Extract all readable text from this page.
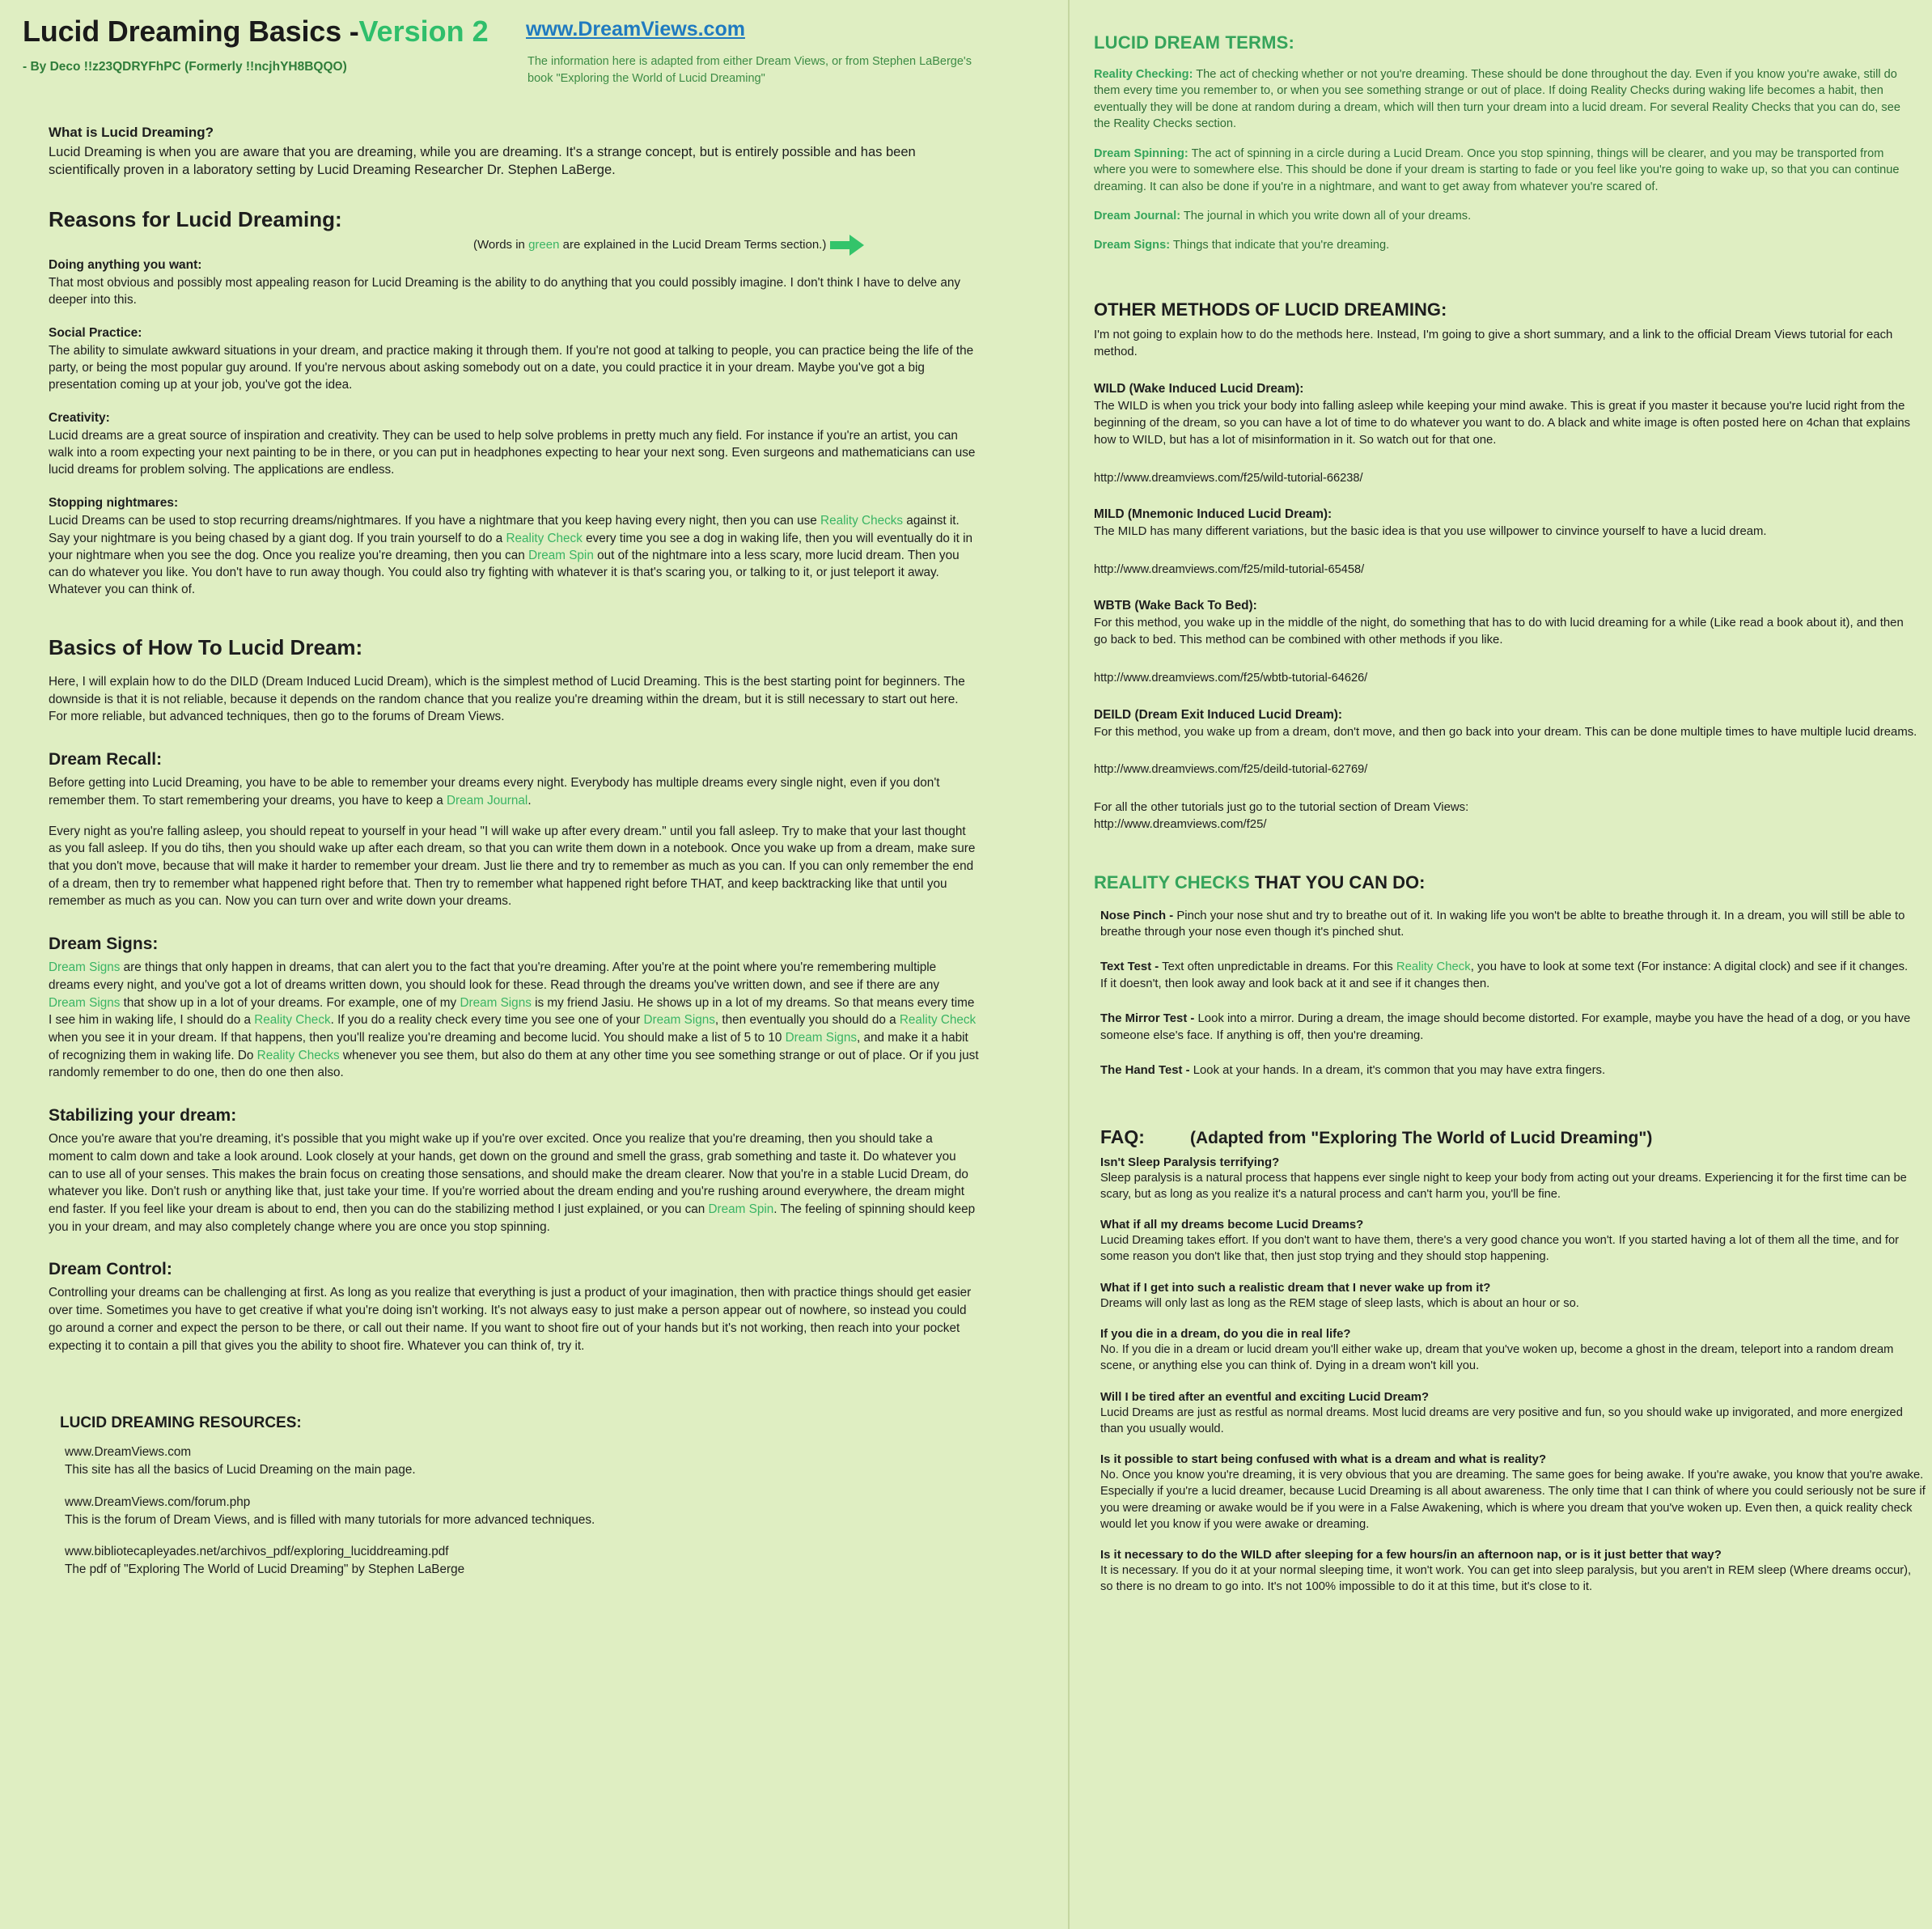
Lucid Dreaming Basics -Version 2
- By Deco !!z23QDRYFhPC (Formerly !!ncjhYH8BQQO)
What is Lucid Dreaming?

Lucid Dreaming is when you are aware that you are dreaming, while you are dreaming. It's a strange concept, but is entirely possible and has been scientifically proven in a laboratory setting by Lucid Dreaming Researcher Dr. Stephen LaBerge.

Reasons for Lucid Dreaming:
(Words in green are explained in the Lucid Dream Terms section.)
Doing anything you want:

That most obvious and possibly most appealing reason for Lucid Dreaming is the ability to do anything that you could possibly imagine. I don't think I have to delve any deeper into this.

Social Practice:

The ability to simulate awkward situations in your dream, and practice making it through them. If you're not good at talking to people, you can practice being the life of the party, or being the most popular guy around. If you're nervous about asking somebody out on a date, you could practice it in your dream. Maybe you've got a big presentation coming up at your job, you've got the idea.

Creativity:

Lucid dreams are a great source of inspiration and creativity. They can be used to help solve problems in pretty much any field. For instance if you're an artist, you can walk into a room expecting your next painting to be in there, or you can put in headphones expecting to hear your next song. Even surgeons and mathematicians can use lucid dreams for problem solving. The applications are endless.

Stopping nightmares:

Lucid Dreams can be used to stop recurring dreams/nightmares. If you have a nightmare that you keep having every night, then you can use Reality Checks against it. Say your nightmare is you being chased by a giant dog. If you train yourself to do a Reality Check every time you see a dog in waking life, then you will eventually do it in your nightmare when you see the dog. Once you realize you're dreaming, then you can Dream Spin out of the nightmare into a less scary, more lucid dream. Then you can do whatever you like. You don't have to run away though. You could also try fighting with whatever it is that's scaring you, or talking to it, or just teleport it away. Whatever you can think of.

Basics of How To Lucid Dream:

Here, I will explain how to do the DILD (Dream Induced Lucid Dream), which is the simplest method of Lucid Dreaming. This is the best starting point for beginners. The downside is that it is not reliable, because it depends on the random chance that you realize you're dreaming within the dream, but it is still necessary to start out here. For more reliable, but advanced techniques, then go to the forums of Dream Views.

Dream Recall:

Before getting into Lucid Dreaming, you have to be able to remember your dreams every night. Everybody has multiple dreams every single night, even if you don't remember them. To start remembering your dreams, you have to keep a Dream Journal.

Every night as you're falling asleep, you should repeat to yourself in your head "I will wake up after every dream." until you fall asleep. Try to make that your last thought as you fall asleep. If you do tihs, then you should wake up after each dream, so that you can write them down in a notebook. Once you wake up from a dream, make sure that you don't move, because that will make it harder to remember your dream. Just lie there and try to remember as much as you can. If you can only remember the end of a dream, then try to remember what happened right before that. Then try to remember what happened right before THAT, and keep backtracking like that until you remember as much as you can. Now you can turn over and write down your dreams.

Dream Signs:

Dream Signs are things that only happen in dreams, that can alert you to the fact that you're dreaming. After you're at the point where you're remembering multiple dreams every night, and you've got a lot of dreams written down, you should look for these. Read through the dreams you've written down, and see if there are any Dream Signs that show up in a lot of your dreams. For example, one of my Dream Signs is my friend Jasiu. He shows up in a lot of my dreams. So that means every time I see him in waking life, I should do a Reality Check. If you do a reality check every time you see one of your Dream Signs, then eventually you should do a Reality Check when you see it in your dream. If that happens, then you'll realize you're dreaming and become lucid. You should make a list of 5 to 10 Dream Signs, and make it a habit of recognizing them in waking life. Do Reality Checks whenever you see them, but also do them at any other time you see something strange or out of place. Or if you just randomly remember to do one, then do one then also.

Stabilizing your dream:

Once you're aware that you're dreaming, it's possible that you might wake up if you're over excited. Once you realize that you're dreaming, then you should take a moment to calm down and take a look around. Look closely at your hands, get down on the ground and smell the grass, grab something and taste it. Do whatever you can to use all of your senses. This makes the brain focus on creating those sensations, and should make the dream clearer. Now that you're in a stable Lucid Dream, do whatever you like. Don't rush or anything like that, just take your time. If you're worried about the dream ending and you're rushing around everywhere, the dream might end faster. If you feel like your dream is about to end, then you can do the stabilizing method I just explained, or you can Dream Spin. The feeling of spinning should keep you in your dream, and may also completely change where you are once you stop spinning.

Dream Control:

Controlling your dreams can be challenging at first. As long as you realize that everything is just a product of your imagination, then with practice things should get easier over time. Sometimes you have to get creative if what you're doing isn't working. It's not always easy to just make a person appear out of nowhere, so instead you could go around a corner and expect the person to be there, or call out their name. If you want to shoot fire out of your hands but it's not working, then reach into your pocket expecting it to contain a pill that gives you the ability to shoot fire. Whatever you can think of, try it.

LUCID DREAMING RESOURCES:
www.DreamViews.com
This site has all the basics of Lucid Dreaming on the main page.
www.DreamViews.com/forum.php
This is the forum of Dream Views, and is filled with many tutorials for more advanced techniques.
www.bibliotecapleyades.net/archivos_pdf/exploring_luciddreaming.pdf
The pdf of "Exploring The World of Lucid Dreaming" by Stephen LaBerge
www.DreamViews.com
The information here is adapted from either Dream Views, or from Stephen LaBerge's book "Exploring the World of Lucid Dreaming"
LUCID DREAM TERMS:

Reality Checking: The act of checking whether or not you're dreaming. These should be done throughout the day. Even if you know you're awake, still do them every time you remember to, or when you see something strange or out of place. If doing Reality Checks during waking life becomes a habit, then eventually they will be done at random during a dream, which will then turn your dream into a lucid dream. For several Reality Checks that you can do, see the Reality Checks section.

Dream Spinning: The act of spinning in a circle during a Lucid Dream. Once you stop spinning, things will be clearer, and you may be transported from where you were to somewhere else. This should be done if your dream is starting to fade or you feel like you're going to wake up, so that you can continue dreaming. It can also be done if you're in a nightmare, and want to get away from whatever you're scared of.

Dream Journal: The journal in which you write down all of your dreams.

Dream Signs: Things that indicate that you're dreaming.

OTHER METHODS OF LUCID DREAMING:

I'm not going to explain how to do the methods here. Instead, I'm going to give a short summary, and a link to the official Dream Views tutorial for each method.

WILD (Wake Induced Lucid Dream):

The WILD is when you trick your body into falling asleep while keeping your mind awake. This is great if you master it because you're lucid right from the beginning of the dream, so you can have a lot of time to do whatever you want to do. A black and white image is often posted here on 4chan that explains how to WILD, but has a lot of misinformation in it. So watch out for that one.

http://www.dreamviews.com/f25/wild-tutorial-66238/

MILD (Mnemonic Induced Lucid Dream):

The MILD has many different variations, but the basic idea is that you use willpower to cinvince yourself to have a lucid dream.

http://www.dreamviews.com/f25/mild-tutorial-65458/

WBTB (Wake Back To Bed):

For this method, you wake up in the middle of the night, do something that has to do with lucid dreaming for a while (Like read a book about it), and then go back to bed. This method can be combined with other methods if you like.

http://www.dreamviews.com/f25/wbtb-tutorial-64626/

DEILD (Dream Exit Induced Lucid Dream):

For this method, you wake up from a dream, don't move, and then go back into your dream. This can be done multiple times to have multiple lucid dreams.

http://www.dreamviews.com/f25/deild-tutorial-62769/

For all the other tutorials just go to the tutorial section of Dream Views:

http://www.dreamviews.com/f25/

REALITY CHECKS THAT YOU CAN DO:

Nose Pinch - Pinch your nose shut and try to breathe out of it. In waking life you won't be ablte to breathe through it. In a dream, you will still be able to breathe through your nose even though it's pinched shut.

Text Test - Text often unpredictable in dreams. For this Reality Check, you have to look at some text (For instance: A digital clock) and see if it changes. If it doesn't, then look away and look back at it and see if it changes then.

The Mirror Test - Look into a mirror. During a dream, the image should become distorted. For example, maybe you have the head of a dog, or you have someone else's face. If anything is off, then you're dreaming.

The Hand Test - Look at your hands. In a dream, it's common that you may have extra fingers.

FAQ:	(Adapted from "Exploring The World of Lucid Dreaming")
Isn't Sleep Paralysis terrifying?

Sleep paralysis is a natural process that happens ever single night to keep your body from acting out your dreams. Experiencing it for the first time can be scary, but as long as you realize it's a natural process and can't harm you, you'll be fine.

What if all my dreams become Lucid Dreams?

Lucid Dreaming takes effort. If you don't want to have them, there's a very good chance you won't. If you started having a lot of them all the time, and for some reason you don't like that, then just stop trying and they should stop happening.

What if I get into such a realistic dream that I never wake up from it?

Dreams will only last as long as the REM stage of sleep lasts, which is about an hour or so.

If you die in a dream, do you die in real life?

No. If you die in a dream or lucid dream you'll either wake up, dream that you've woken up, become a ghost in the dream, teleport into a random dream scene, or anything else you can think of. Dying in a dream won't kill you.

Will I be tired after an eventful and exciting Lucid Dream?

Lucid Dreams are just as restful as normal dreams. Most lucid dreams are very positive and fun, so you should wake up invigorated, and more energized than you usually would.

Is it possible to start being confused with what is a dream and what is reality?

No. Once you know you're dreaming, it is very obvious that you are dreaming. The same goes for being awake. If you're awake, you know that you're awake. Especially if you're a lucid dreamer, because Lucid Dreaming is all about awareness. The only time that I can think of where you could seriously not be sure if you were dreaming or awake would be if you were in a False Awakening, which is where you dream that you've woken up. Even then, a quick reality check would let you know if you were awake or dreaming.

Is it necessary to do the WILD after sleeping for a few hours/in an afternoon nap, or is it just better that way?

It is necessary. If you do it at your normal sleeping time, it won't work. You can get into sleep paralysis, but you aren't in REM sleep (Where dreams occur), so there is no dream to go into. It's not 100% impossible to do it at this time, but it's close to it.
